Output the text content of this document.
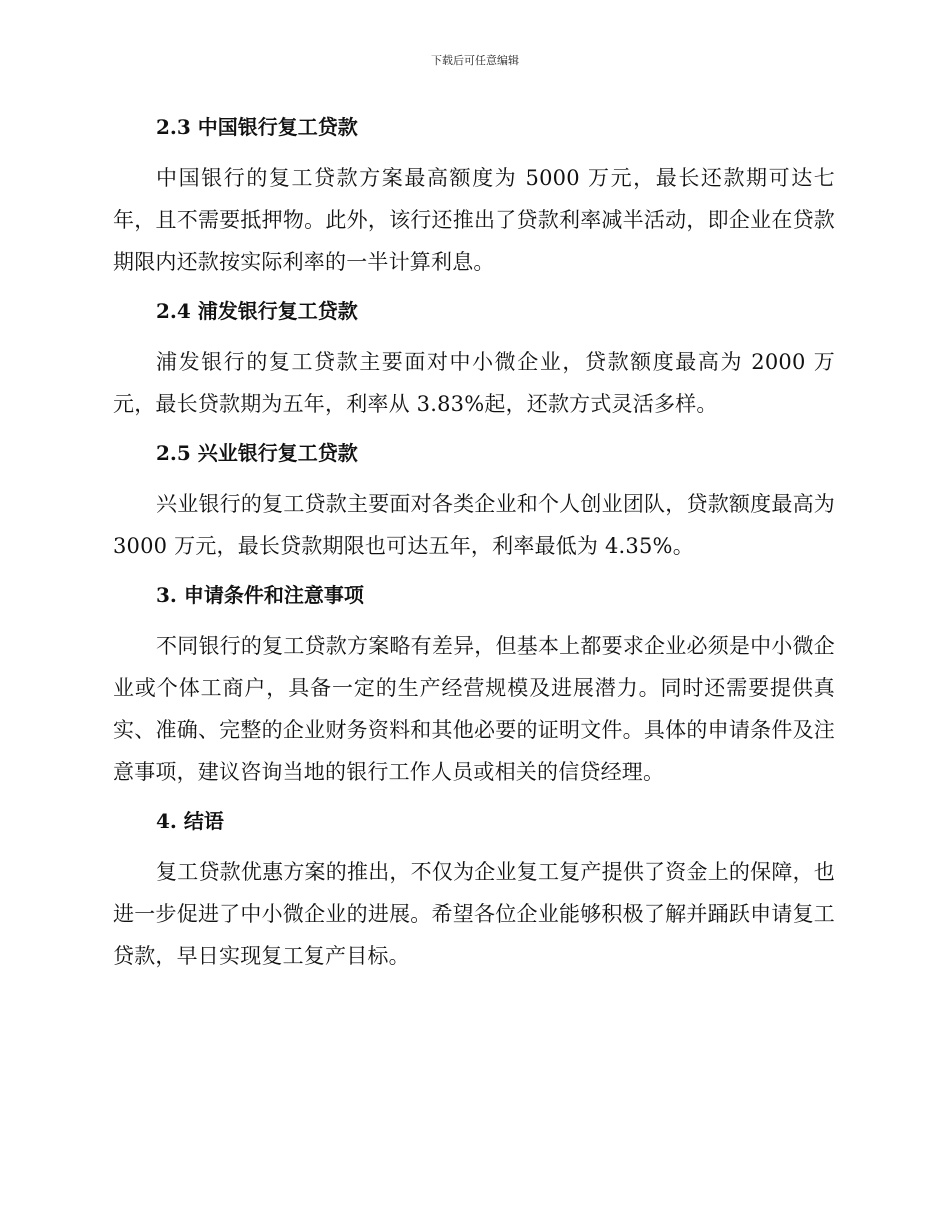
下载后可任意编辑
2.3 中国银行复工贷款

中国银行的复工贷款方案最高额度为 5000 万元，最长还款期可达七年，且不需要抵押物。此外，该行还推出了贷款利率减半活动，即企业在贷款期限内还款按实际利率的一半计算利息。

2.4 浦发银行复工贷款

浦发银行的复工贷款主要面对中小微企业，贷款额度最高为 2000 万元，最长贷款期为五年，利率从 3.83%起，还款方式灵活多样。

2.5 兴业银行复工贷款

兴业银行的复工贷款主要面对各类企业和个人创业团队，贷款额度最高为 3000 万元，最长贷款期限也可达五年，利率最低为 4.35%。

3. 申请条件和注意事项

不同银行的复工贷款方案略有差异，但基本上都要求企业必须是中小微企业或个体工商户，具备一定的生产经营规模及进展潜力。同时还需要提供真实、准确、完整的企业财务资料和其他必要的证明文件。具体的申请条件及注意事项，建议咨询当地的银行工作人员或相关的信贷经理。

4. 结语

复工贷款优惠方案的推出，不仅为企业复工复产提供了资金上的保障，也进一步促进了中小微企业的进展。希望各位企业能够积极了解并踊跃申请复工贷款，早日实现复工复产目标。
